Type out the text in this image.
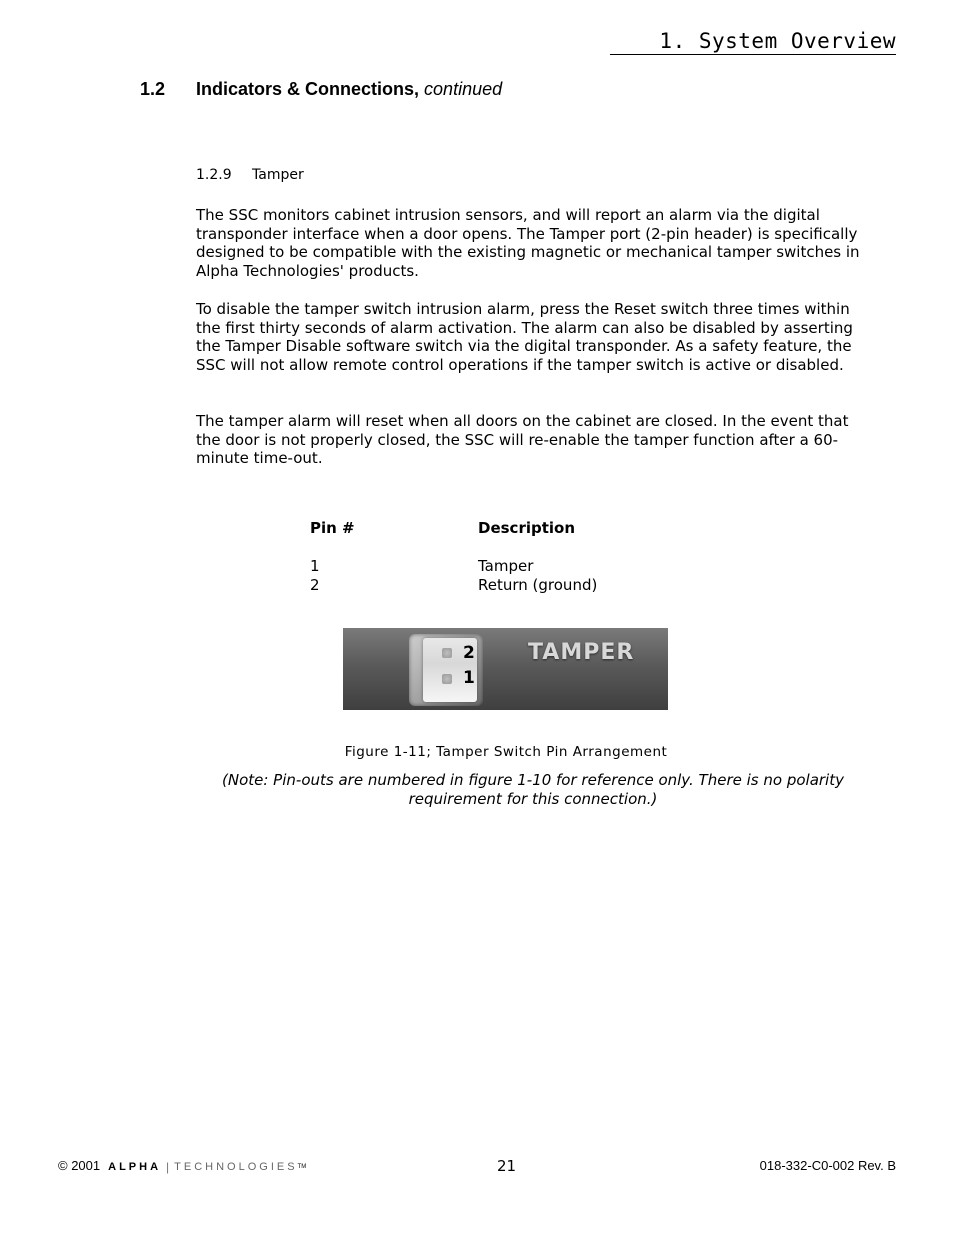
1. System Overview
1.2 Indicators & Connections, continued
1.2.9 Tamper
The SSC monitors cabinet intrusion sensors, and will report an alarm via the digital transponder interface when a door opens. The Tamper port (2-pin header) is specifically designed to be compatible with the existing magnetic or mechanical tamper switches in Alpha Technologies' products.
To disable the tamper switch intrusion alarm, press the Reset switch three times within the first thirty seconds of alarm activation. The alarm can also be disabled by asserting the Tamper Disable software switch via the digital transponder. As a safety feature, the SSC will not allow remote control operations if the tamper switch is active or disabled.
The tamper alarm will reset when all doors on the cabinet are closed. In the event that the door is not properly closed, the SSC will re-enable the tamper function after a 60-minute time-out.
Pin #	Description
1	Tamper
2	Return (ground)
2
1
TAMPER
Figure 1-11; Tamper Switch Pin Arrangement
(Note: Pin-outs are numbered in figure 1-10 for reference only. There is no polarity requirement for this connection.)
© 2001 ALPHA | TECHNOLOGIES TM	21	018-332-C0-002 Rev. B
